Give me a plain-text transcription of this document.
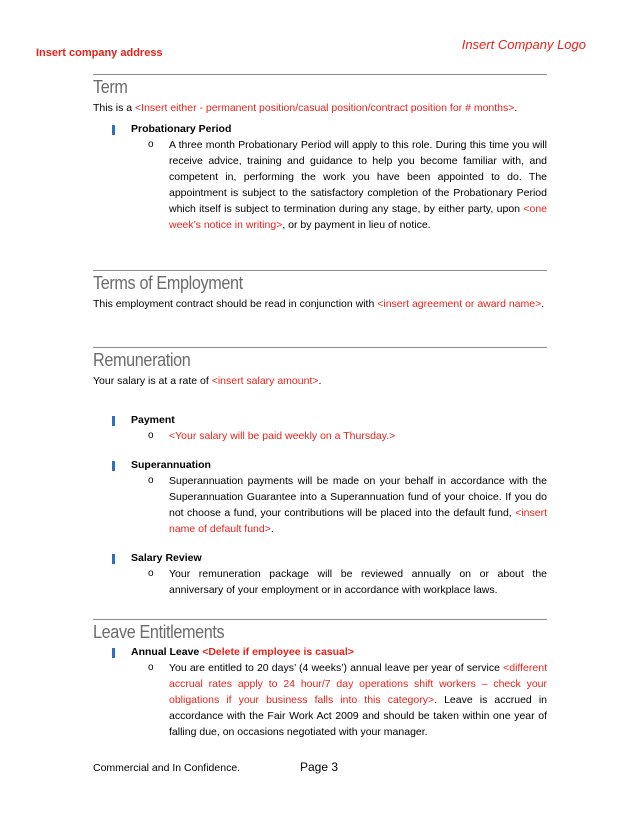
Insert Company Logo
Insert company address
Term
This is a <Insert either - permanent position/casual position/contract position for # months>.
Probationary Period
o A three month Probationary Period will apply to this role. During this time you will receive advice, training and guidance to help you become familiar with, and competent in, performing the work you have been appointed to do. The appointment is subject to the satisfactory completion of the Probationary Period which itself is subject to termination during any stage, by either party, upon <one week’s notice in writing>, or by payment in lieu of notice.
Terms of Employment
This employment contract should be read in conjunction with <insert agreement or award name>.
Remuneration
Your salary is at a rate of <insert salary amount>.
Payment
o <Your salary will be paid weekly on a Thursday.>
Superannuation
o Superannuation payments will be made on your behalf in accordance with the Superannuation Guarantee into a Superannuation fund of your choice. If you do not choose a fund, your contributions will be placed into the default fund, <insert name of default fund>.
Salary Review
o Your remuneration package will be reviewed annually on or about the anniversary of your employment or in accordance with workplace laws.
Leave Entitlements
Annual Leave <Delete if employee is casual>
o You are entitled to 20 days’ (4 weeks’) annual leave per year of service <different accrual rates apply to 24 hour/7 day operations shift workers – check your obligations if your business falls into this category>. Leave is accrued in accordance with the Fair Work Act 2009 and should be taken within one year of falling due, on occasions negotiated with your manager.
Commercial and In Confidence.	Page 3
